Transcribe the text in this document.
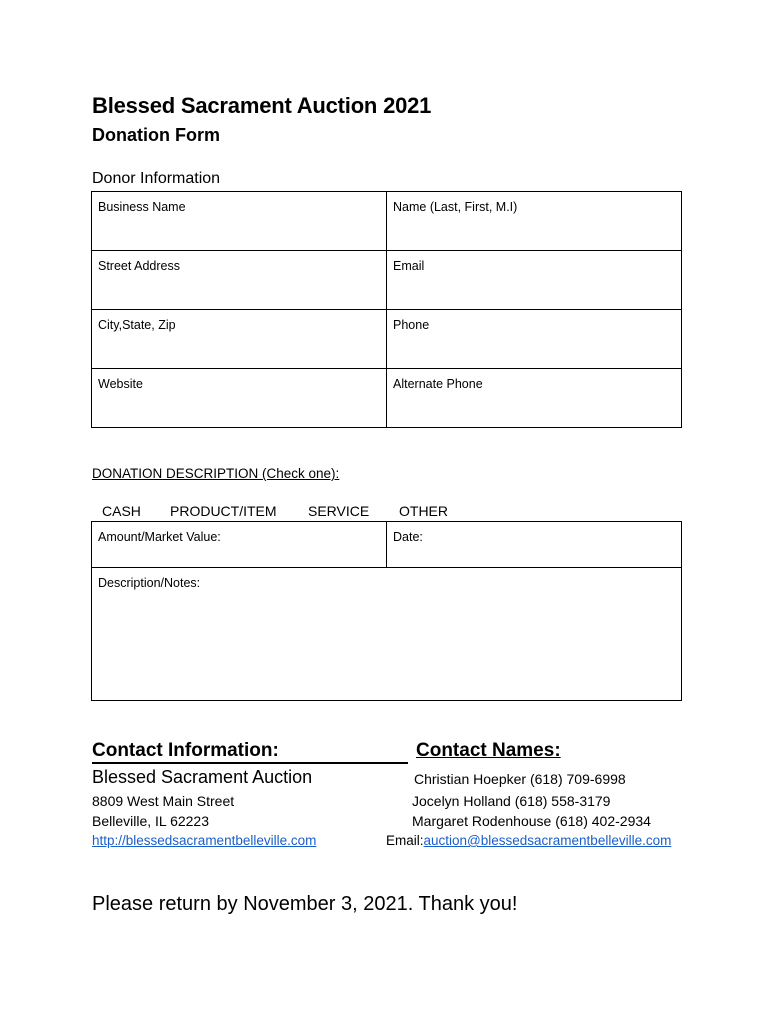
Blessed Sacrament Auction 2021
Donation Form
Donor Information
Business Name	Name (Last, First, M.I)
Street Address	Email
City,State, Zip	Phone
Website	Alternate Phone
DONATION DESCRIPTION (Check one):
CASH PRODUCT/ITEM SERVICE OTHER
Amount/Market Value:	Date:
Description/Notes:
Contact Information:	Contact Names:
Blessed Sacrament Auction
8809 West Main Street
Belleville, IL 62223
http://blessedsacramentbelleville.com
Christian Hoepker (618) 709-6998
Jocelyn Holland (618) 558-3179
Margaret Rodenhouse (618) 402-2934
Email:auction@blessedsacramentbelleville.com
Please return by November 3, 2021. Thank you!
